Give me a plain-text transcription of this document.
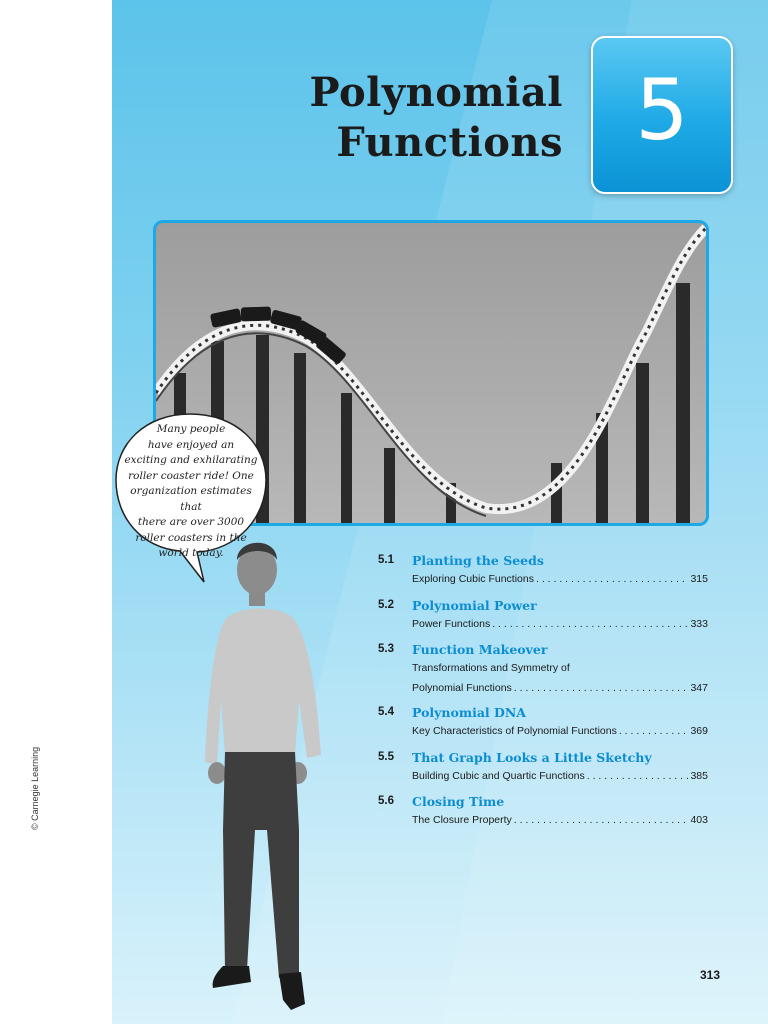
© Carnegie Learning
Polynomial
Functions 5
Many people
have enjoyed an
exciting and exhilarating
roller coaster ride! One
organization estimates that
there are over 3000
roller coasters in the
world today.
5.1 Planting the Seeds
Exploring Cubic Functions . . .	315
5.2 Polynomial Power
Power Functions . . .	333
5.3 Function Makeover
Transformations and Symmetry of
Polynomial Functions . . .	347
5.4 Polynomial DNA
Key Characteristics of Polynomial Functions . . .	369
5.5 That Graph Looks a Little Sketchy
Building Cubic and Quartic Functions . . .	385
5.6 Closing Time
The Closure Property . . .	403
313
